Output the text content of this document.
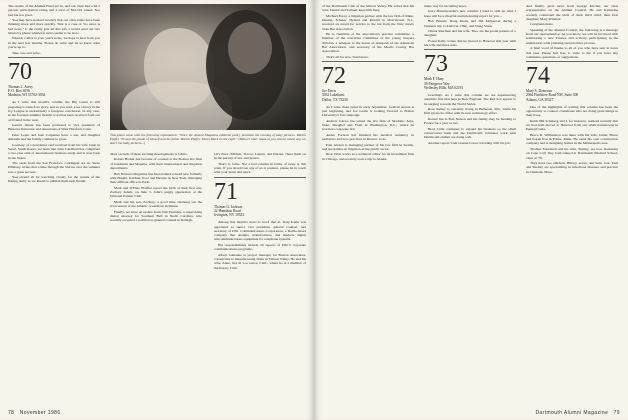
The results of the Alumni Fund are in, and our class had a 62.5 percent participation rating and a total of $91,591 raised. Not bad but not great.

You may have noticed recently that our class ranks have been thinning more and more quickly. That is a case of "no news is bad news." It the really gets all this job, I would send out two letters by phone whenever news seems to be slow...

When it comes to your year's notes, we hope to hear from you in the next few months. Please do write and let us know what you're up to.

Take care and write.

70
Thomas L. Avery
P. O. Box 3056
Madison, WI 53702-3034

As I write this month's column, the Big Green is still preparing to launch its glory, and as you read, your victory in the Ivy League is undoubtedly a foregone conclusion. In any case, in the fourteen summer months word has been received from our old friend in the west.

Garrett Jenner has been promoted to vice president of Hanover Insurance and Associates of West Hartford, Conn.

Peter Leger and Jean Carpenter have a son, and daughter Amanda and the family continue to grow.

Courtesy of a newsletter card received from his wife Janet in Seoul, South Korea, we learn that John Landfield has completed a two-year stint of international business study and is now back in the States.

The cards from the San Francisco contingent are in: Steve Pillsbury writes that a hike through the Sierras over the summer was a great success.

You should all be watching closely for the results of the fishing derby as we intend to publish them next month.

This photo came with the following explanation: "Since the Alumni Magazine editorial policy prohibits the running of baby pictures, Martin Pfeffer '70 sent this photo of himself and his father Martin Pfeffer. That's Mark on the right." (Editor's note: Some of you who've asked why we don't run baby pictures...)

dates on both of these exciting developments is John's.

Robert Homer has become of counsel at the Boston law firm of Goldstein and Manello, with their international and litigation departments.

Bob Nation's Magazine has been named to head new formally with Haight, Gardner, Poor and Havens in New York, managing their affiliate office in Paris.

Mark and D'Elsie Pfeiffer report the birth of their first son, Zachary Adam, on June 3. John's puppy appearance at the National Pointer Club.

Mark and his son, Zachary, a good time checking out the trout season at the Atlantic oceanfront in Maine.

Finally, we have an update from Tim Fearnley, a supervising dental attorney for Southern Bell in North Carolina, who recently accepted a position as general counsel in Raleigh.

Lil's three children, Trevor, Lauren, and Darren, cheer them on in the pursuit of law and justice.

That's it, folks. Not a bad column in terms of news at this point. If you should see any of us at reunion, please be in touch with your notes and news.

71
Thomas G. Jackson
32 Hamilton Road
Irvington, NY 10533

Among this month's news is word that R. Terry Kahn was appointed as senior vice president, general counsel, and secretary of DSC Communications Corporation, a Dallas-based company that designs, manufactures, and markets digital telecommunications equipment for telephone systems.

His responsibilities include all aspects of DSC's corporate communications programs.

Albert Lamanna is project manager for Boston Associates, consultants to manufacturing firms in Silicon Valley. He and his wife, Anne, live in Los Gatos, Calif., where he is a member of the Rotary Club.

78 November 1986

of the Dartmouth Club of the Silicon Valley. He writes that his sons, Daniel and Samuel, keep him busy.

Michael Forey, a litigation partner with the law firm of Riker, Danzig, Scherer, Hyland and Perretti in Morristown, N.J., received an award for service to the bar from the New Jersey State Bar Association.

He is chairman of the association's practice committee, a member of the executive committee of the young lawyers division, a delegate to the house of delegates of the American Bar Association, and secretary of the Morris County Bar Association.

That's all for now. Send news.

72
Joe Davis
3032 Lakehurst
Dallas, TX 75230

As I write these notes in early September, football season is just beginning, and Joe Leslie is looking forward to Bolton University's fall campaign.

Andrew Glowa has joined the law firm of Skadden, Arps, Slate, Meagher and Flom in Washington, D.C., where he practices corporate law.

Andre Fortson has finished his medical residency in pediatrics and now practices in Denver, Colo.

Paul Alexan is managing partner of his law firm in Seattle, and specializes in litigation in the public sector.

Rick Vilas works as a technical editor for an investment firm in Chicago, and recently took a trip to Alaska.

make way for incoming news.

Jerry Hasselwander's new column: I tried to sum up what I hope will be a cheerful and interesting report for you...

Bob Bassett, Doug Klein, and Jim McKeever during a business trip to Andover, Ohio, and Doug Stuck.

Chuck Sherman and his wife, Tina, are the proud parents of a daughter.

Forest Kelly writes that he moved to Hanover this year with his wife and three sons.

73
Mark F. Huey
36 Fairgrove Way
Wellesley Hills, MA 02181

Greetings. As I write this column we are experiencing autumn's first kiss here in New England. The Red Sox appear to be surging towards the World Series.

Ross Kelley is currently living in Bethesda, Md., while his firm grows its office with its new technology effort.

Rorner has is Bob Nelson and his family may be heading to France for a year or two.

Brad Little continues to expand his business so the small conservative bank and the Dartmouth volunteer work with Dartmouth alumni are doing well.

Another report: Tom Greene is now traveling with his job.

And finally, great news from George Kitcher, our class representative on the Alumni Council. He and Katherine recently celebrated the birth of their third child, their first daughter, Mary Windsor.

Congratulations.

Speaking of the Alumni Council, the following is a message from our representative: As you know, we will be involved with nominating a new Trustee and actively participating in the nomination-wide planning and priorities process.

A final word of thanks to all of you who have sent in notes this year. Please feel free to write to me if you have any comments, questions, or suggestions.

74
Mary S. Donovan
2964 Finchtree Road NW, Suite 300
Atlanta, GA 30327

One of the highlights of writing this column has been the opportunity to connect classmates who are doing great things in their lives.

Keith Dhl Scheberg and I, for instance, realized recently that we had both moved to Hanover from our small hometowns in Pennsylvania.

Bruce R. Williamson was there with his wife, Jamie; Bruce and Karen live in Edina, Minn. He owns his own construction company and is designing homes in the Minneapolis area.

Thomas Treadwell and his wife, Shelley, are now marketing on Cape Cod; they both trained at Dartmouth Medical School, class of '79.

They have two children, Hillary, seven, and Sam, four. Tom and Shelley are specializing in infectious diseases and practice in Chatham, Mass.

Dartmouth Alumni Magazine 79
